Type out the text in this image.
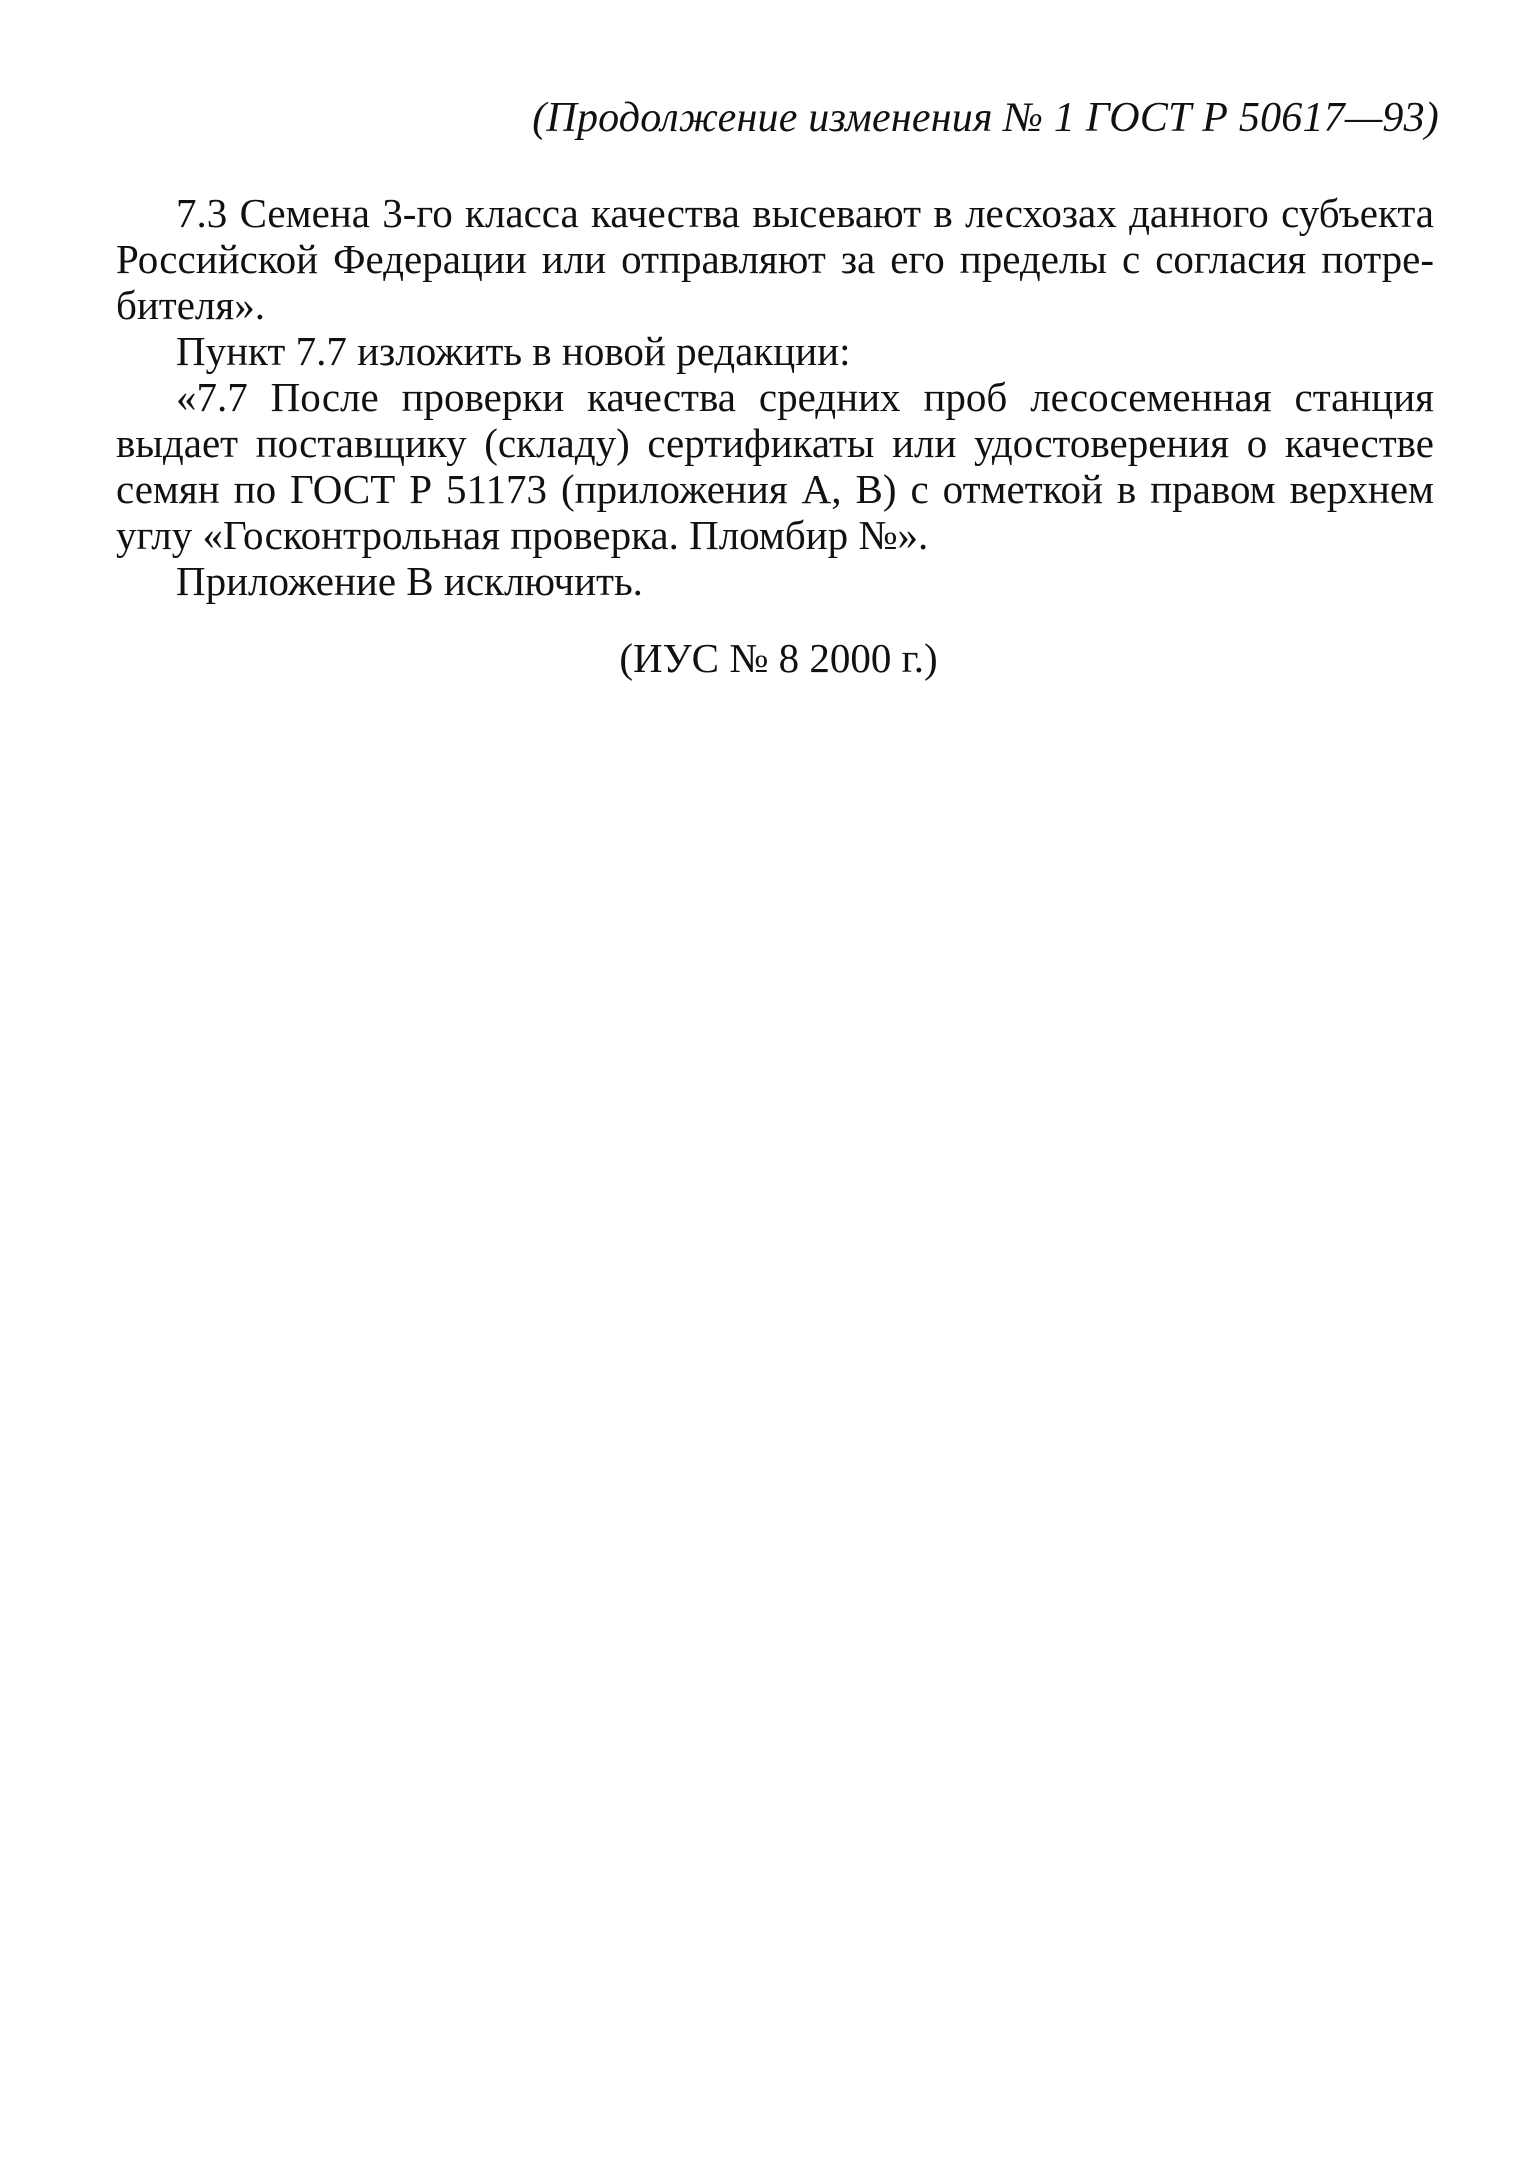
(Продолжение изменения № 1 ГОСТ Р 50617—93)

7.3 Семена 3-го класса качества высевают в лесхозах данного субъекта Российской Федерации или отправляют за его пределы с согласия потребителя».

Пункт 7.7 изложить в новой редакции:

«7.7 После проверки качества средних проб лесосеменная станция выдает поставщику (складу) сертификаты или удостоверения о качестве семян по ГОСТ Р 51173 (приложения А, В) с отметкой в правом верхнем углу «Госконтрольная проверка. Пломбир №».

Приложение В исключить.

(ИУС № 8 2000 г.)
